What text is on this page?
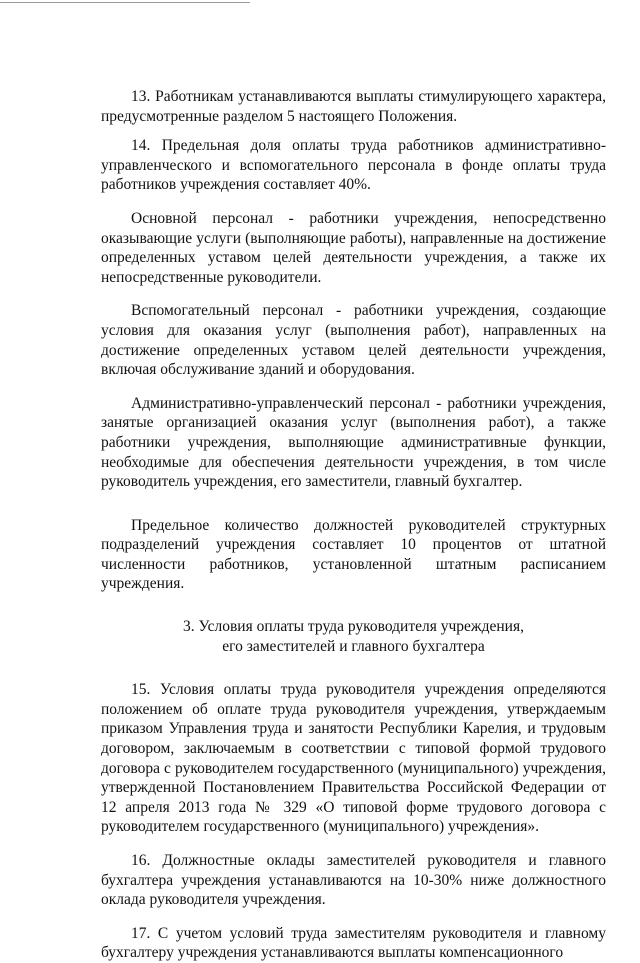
13. Работникам устанавливаются выплаты стимулирующего характера, предусмотренные разделом 5 настоящего Положения.

14. Предельная доля оплаты труда работников административно-управленческого и вспомогательного персонала в фонде оплаты труда работников учреждения составляет 40%.

Основной персонал - работники учреждения, непосредственно оказывающие услуги (выполняющие работы), направленные на достижение определенных уставом целей деятельности учреждения, а также их непосредственные руководители.

Вспомогательный персонал - работники учреждения, создающие условия для оказания услуг (выполнения работ), направленных на достижение определенных уставом целей деятельности учреждения, включая обслуживание зданий и оборудования.

Административно-управленческий персонал - работники учреждения, занятые организацией оказания услуг (выполнения работ), а также работники учреждения, выполняющие административные функции, необходимые для обеспечения деятельности учреждения, в том числе руководитель учреждения, его заместители, главный бухгалтер.

Предельное количество должностей руководителей структурных подразделений учреждения составляет 10 процентов от штатной численности работников, установленной штатным расписанием учреждения.

3. Условия оплаты труда руководителя учреждения,
его заместителей и главного бухгалтера

15. Условия оплаты труда руководителя учреждения определяются положением об оплате труда руководителя учреждения, утверждаемым приказом Управления труда и занятости Республики Карелия, и трудовым договором, заключаемым в соответствии с типовой формой трудового договора с руководителем государственного (муниципального) учреждения, утвержденной Постановлением Правительства Российской Федерации от 12 апреля 2013 года № 329 «О типовой форме трудового договора с руководителем государственного (муниципального) учреждения».

16. Должностные оклады заместителей руководителя и главного бухгалтера учреждения устанавливаются на 10-30% ниже должностного оклада руководителя учреждения.

17. С учетом условий труда заместителям руководителя и главному бухгалтеру учреждения устанавливаются выплаты компенсационного
